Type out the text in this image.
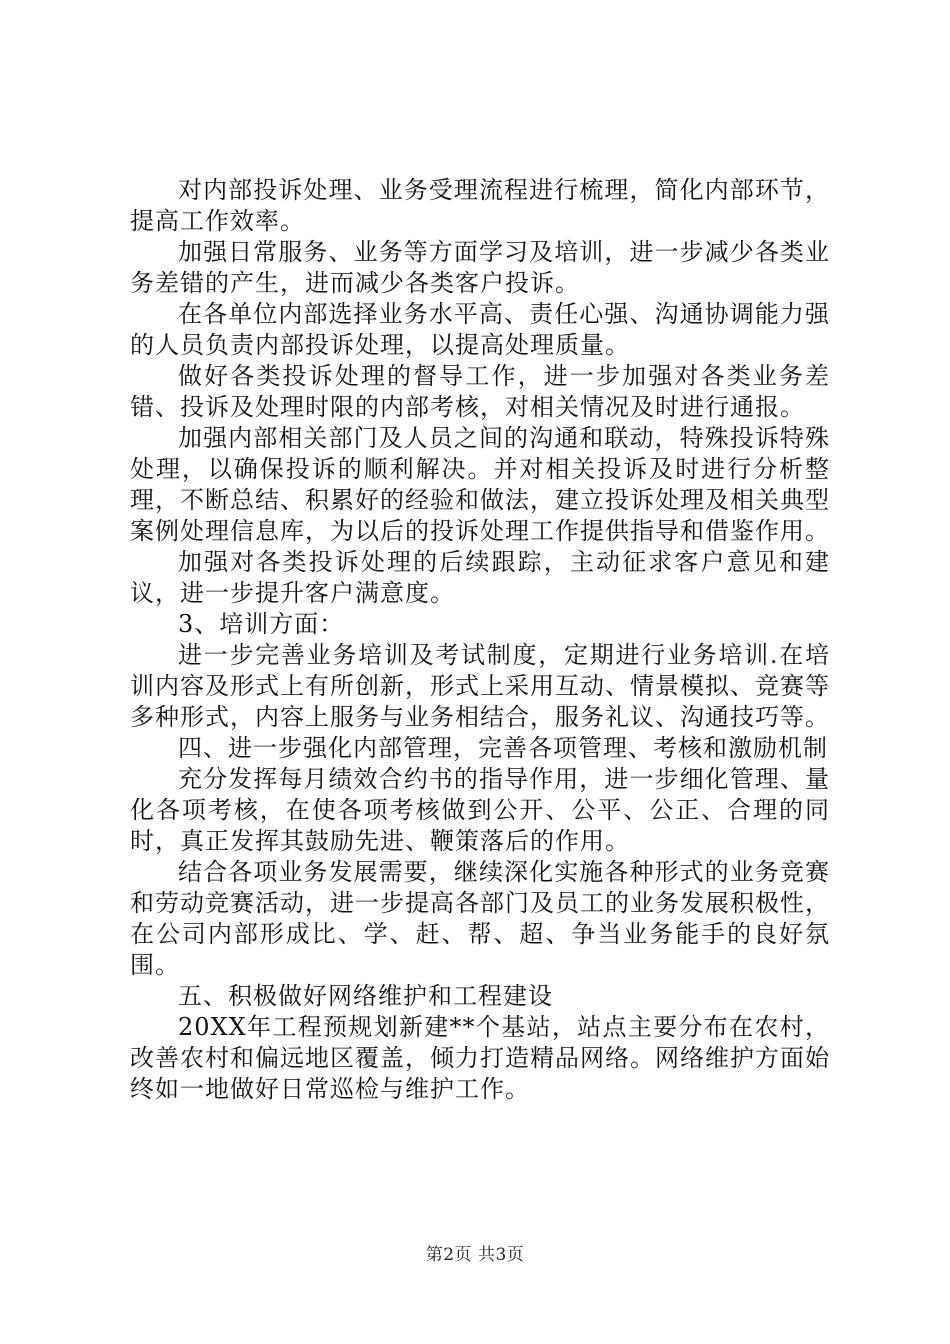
对内部投诉处理、业务受理流程进行梳理，简化内部环节，提高工作效率。

加强日常服务、业务等方面学习及培训，进一步减少各类业务差错的产生，进而减少各类客户投诉。

在各单位内部选择业务水平高、责任心强、沟通协调能力强的人员负责内部投诉处理，以提高处理质量。

做好各类投诉处理的督导工作，进一步加强对各类业务差错、投诉及处理时限的内部考核，对相关情况及时进行通报。

加强内部相关部门及人员之间的沟通和联动，特殊投诉特殊处理，以确保投诉的顺利解决。并对相关投诉及时进行分析整理，不断总结、积累好的经验和做法，建立投诉处理及相关典型案例处理信息库，为以后的投诉处理工作提供指导和借鉴作用。

加强对各类投诉处理的后续跟踪，主动征求客户意见和建议，进一步提升客户满意度。

3、培训方面：

进一步完善业务培训及考试制度，定期进行业务培训.在培训内容及形式上有所创新，形式上采用互动、情景模拟、竞赛等多种形式，内容上服务与业务相结合，服务礼议、沟通技巧等。

四、进一步强化内部管理，完善各项管理、考核和激励机制

充分发挥每月绩效合约书的指导作用，进一步细化管理、量化各项考核，在使各项考核做到公开、公平、公正、合理的同时，真正发挥其鼓励先进、鞭策落后的作用。

结合各项业务发展需要，继续深化实施各种形式的业务竞赛和劳动竞赛活动，进一步提高各部门及员工的业务发展积极性，在公司内部形成比、学、赶、帮、超、争当业务能手的良好氛围。

五、积极做好网络维护和工程建设

20XX年工程预规划新建**个基站，站点主要分布在农村，改善农村和偏远地区覆盖，倾力打造精品网络。网络维护方面始终如一地做好日常巡检与维护工作。

第2页 共3页
